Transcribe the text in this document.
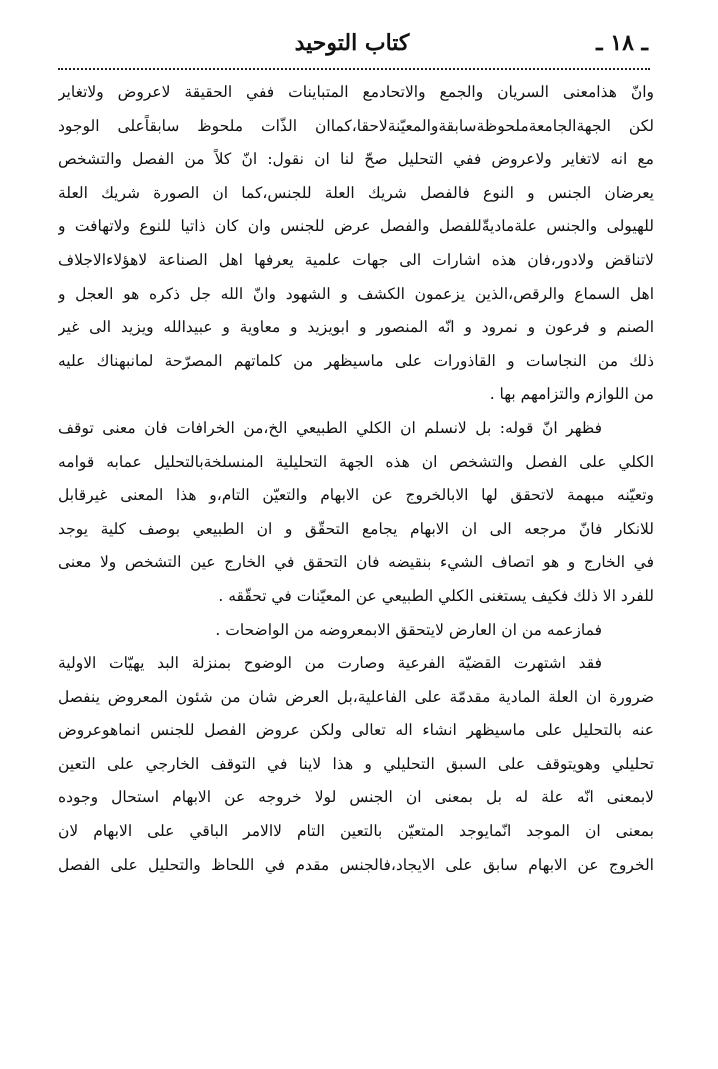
ـ ١٨ ـ
كتاب التوحيد
وانّ هذامعنى السريان والجمع والاتحادمع المتباينات ففي الحقيقة لاعروض ولاتغاير
لكن الجهةالجامعةملحوظةسابقةوالمعيّنةلاحقا،كماان الذّات ملحوظ سابقاًعلى الوجود
مع انه لاتغاير ولاعروض ففي التحليل صحّ لنا ان نقول: انّ كلاً من الفصل والتشخص
يعرضان الجنس و النوع فالفصل شريك العلة للجنس،كما ان الصورة شريك العلة
للهيولى والجنس علةماديةّللفصل والفصل عرض للجنس وان كان ذاتيا للنوع ولاتهافت و
لاتناقض ولادور،فان هذه اشارات الى جهات علمية يعرفها اهل الصناعة لاهؤلاءالاجلاف
اهل السماع والرقص،الذين يزعمون الكشف و الشهود وانّ الله جل ذكره هو العجل و
الصنم و فرعون و نمرود و انّه المنصور و ابويزيد و معاوية و عبيدالله ويزيد الى غير
ذلك من النجاسات و القاذورات على ماسيظهر من كلماتهم المصرّحة لمانبهناك عليه
من اللوازم والتزامهم بها .
فظهر انّ قوله: بل لانسلم ان الكلي الطبيعي الخ،من الخرافات فان معنى توقف
الكلي على الفصل والتشخص ان هذه الجهة التحليلية المنسلخةبالتحليل عمابه قوامه
وتعيّنه مبهمة لاتحقق لها الابالخروج عن الابهام والتعيّن التام،و هذا المعنى غيرقابل
للانكار فانّ مرجعه الى ان الابهام يجامع التحقّق و ان الطبيعي بوصف كلية يوجد
في الخارج و هو اتصاف الشيء بنقيضه فان التحقق في الخارج عين التشخص ولا معنى
للفرد الا ذلك فكيف يستغنى الكلي الطبيعي عن المعيّنات في تحقّقه .
فمازعمه من ان العارض لايتحقق الابمعروضه من الواضحات .
فقد اشتهرت القضيّة الفرعية وصارت من الوضوح بمنزلة البد يهيّات الاولية
ضرورة ان العلة المادية مقدمّة على الفاعلية،بل العرض شان من شئون المعروض ينفصل
عنه بالتحليل على ماسيظهر انشاء اله تعالى ولكن عروض الفصل للجنس انماهوعروض
تحليلي وهويتوقف على السبق التحليلي و هذا لاينا في التوقف الخارجي على التعين
لابمعنى انّه علة له بل بمعنى ان الجنس لولا خروجه عن الابهام استحال وجوده
بمعنى ان الموجد انّمايوجد المتعيّن بالتعين التام لاالامر الباقي على الابهام لان
الخروج عن الابهام سابق على الايجاد،فالجنس مقدم في اللحاظ والتحليل على الفصل
